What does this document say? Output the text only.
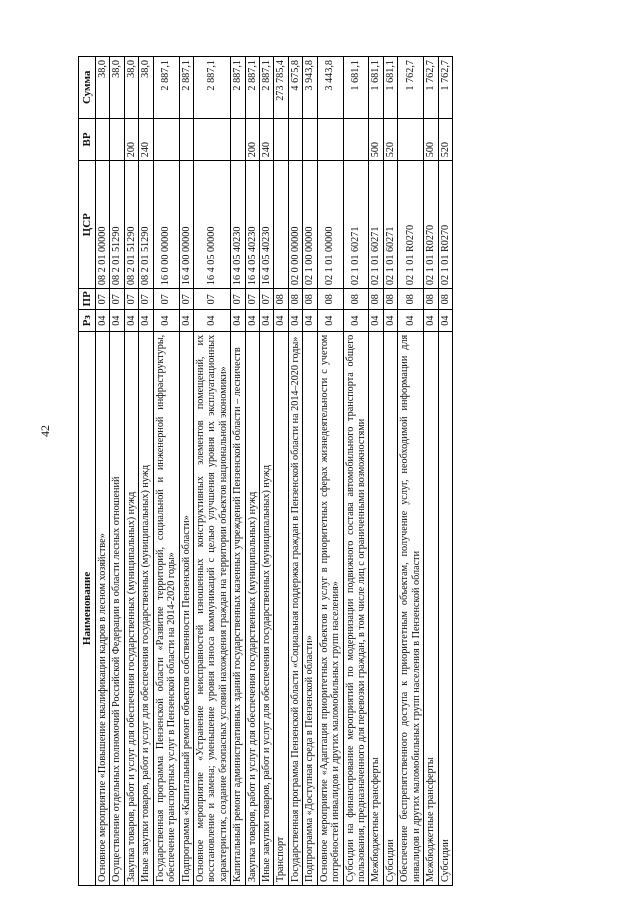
42
Наименование	Рз	ПР	ЦСР	ВР	Сумма
Основное мероприятие «Повышение квалификации кадров в лесном хозяйстве»	04	07	08 2 01 00000		38,0
Осуществление отдельных полномочий Российской Федерации в области лесных отношений	04	07	08 2 01 51290		38,0
Закупка товаров, работ и услуг для обеспечения государственных (муниципальных) нужд	04	07	08 2 01 51290	200	38,0
Иные закупки товаров, работ и услуг для обеспечения государственных (муниципальных) нужд	04	07	08 2 01 51290	240	38,0
Государственная программа Пензенской области «Развитие территорий, социальной и инженерной инфраструктуры, обеспечение транспортных услуг в Пензенской области на 2014-2020 годы»	04	07	16 0 00 00000		2 887,1
Подпрограмма «Капитальный ремонт объектов собственности Пензенской области»	04	07	16 4 00 00000		2 887,1
Основное мероприятие «Устранение неисправностей изношенных конструктивных элементов помещений, их восстановление и замена; уменьшение уровня износа коммуникаций с целью улучшения уровня их эксплуатационных характеристик, создание безопасных условий нахождения граждан на территории объектов национальной экономики»	04	07	16 4 05 00000		2 887,1
Капитальный ремонт административных зданий государственных казенных учреждений Пензенской области – лесничеств	04	07	16 4 05 40230		2 887,1
Закупка товаров, работ и услуг для обеспечения государственных (муниципальных) нужд	04	07	16 4 05 40230	200	2 887,1
Иные закупки товаров, работ и услуг для обеспечения государственных (муниципальных) нужд	04	07	16 4 05 40230	240	2 887,1
Транспорт	04	08			273 785,4
Государственная программа Пензенской области «Социальная поддержка граждан в Пензенской области на 2014–2020 годы»	04	08	02 0 00 00000		4 675,8
Подпрограмма «Доступная среда в Пензенской области»	04	08	02 1 00 00000		3 943,8
Основное мероприятие «Адаптация приоритетных объектов и услуг в приоритетных сферах жизнедеятельности с учетом потребностей инвалидов и других маломобильных групп населения»	04	08	02 1 01 00000		3 443,8
Субсидии на финансирование мероприятий по модернизации подвижного состава автомобильного транспорта общего пользования, предназначенного для перевозки граждан, в том числе лиц с ограниченными возможностями	04	08	02 1 01 60271		1 681,1
Межбюджетные трансферты	04	08	02 1 01 60271	500	1 681,1
Субсидии	04	08	02 1 01 60271	520	1 681,1
Обеспечение беспрепятственного доступа к приоритетным объектам, получение услуг, необходимой информации для инвалидов и других маломобильных групп населения в Пензенской области	04	08	02 1 01 R0270		1 762,7
Межбюджетные трансферты	04	08	02 1 01 R0270	500	1 762,7
Субсидии	04	08	02 1 01 R0270	520	1 762,7
